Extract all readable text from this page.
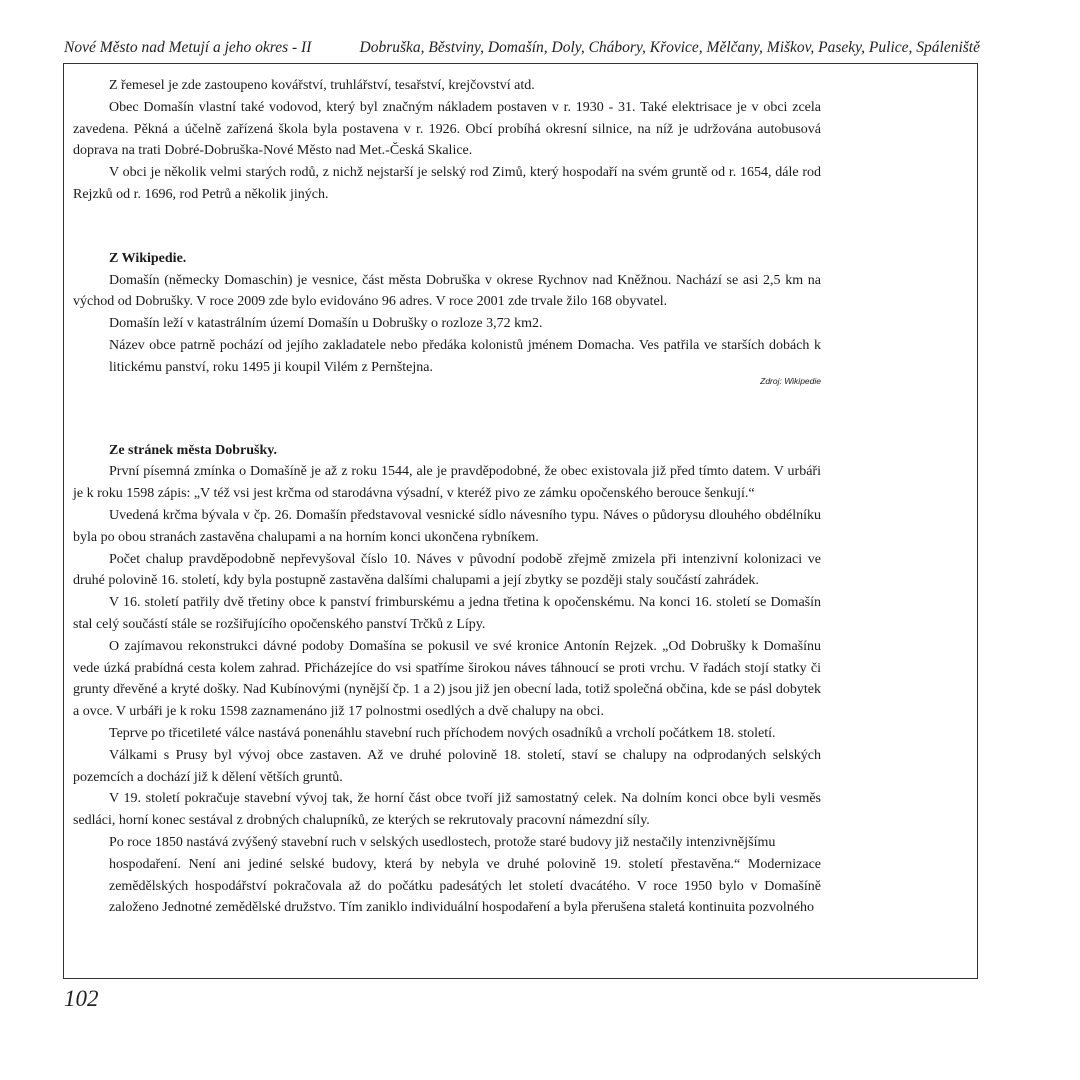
Nové Město nad Metují a jeho okres - II	Dobruška, Běstviny, Domašín, Doly, Chábory, Křovice, Mělčany, Miškov, Paseky, Pulice, Spáleniště

Z řemesel je zde zastoupeno kovářství, truhlářství, tesařství, krejčovství atd.

Obec Domašín vlastní také vodovod, který byl značným nákladem postaven v r. 1930 - 31. Také elektrisace je v obci zcela zavedena. Pěkná a účelně zařízená škola byla postavena v r. 1926. Obcí probíhá okresní silnice, na níž je udržována autobusová doprava na trati Dobré-Dobruška-Nové Město nad Met.-Česká Skalice.

V obci je několik velmi starých rodů, z nichž nejstarší je selský rod Zimů, který hospodaří na svém gruntě od r. 1654, dále rod Rejzků od r. 1696, rod Petrů a několik jiných.

Z Wikipedie.

Domašín (německy Domaschin) je vesnice, část města Dobruška v okrese Rychnov nad Kněžnou. Nachází se asi 2,5 km na východ od Dobrušky. V roce 2009 zde bylo evidováno 96 adres. V roce 2001 zde trvale žilo 168 obyvatel.

Domašín leží v katastrálním území Domašín u Dobrušky o rozloze 3,72 km2.

Název obce patrně pochází od jejího zakladatele nebo předáka kolonistů jménem Domacha. Ves patřila ve starších dobách k litickému panství, roku 1495 ji koupil Vilém z Pernštejna.

Zdroj: Wikipedie

Ze stránek města Dobrušky.

První písemná zmínka o Domašíně je až z roku 1544, ale je pravděpodobné, že obec existovala již před tímto datem. V urbáři je k roku 1598 zápis: „V též vsi jest krčma od starodávna výsadní, v kteréž pivo ze zámku opočenského berouce šenkují.“

Uvedená krčma bývala v čp. 26. Domašín představoval vesnické sídlo návesního typu. Náves o půdorysu dlouhého obdélníku byla po obou stranách zastavěna chalupami a na horním konci ukončena rybníkem.

Počet chalup pravděpodobně nepřevyšoval číslo 10. Náves v původní podobě zřejmě zmizela při intenzivní kolonizaci ve druhé polovině 16. století, kdy byla postupně zastavěna dalšími chalupami a její zbytky se později staly součástí zahrádek.

V 16. století patřily dvě třetiny obce k panství frimburskému a jedna třetina k opočenskému. Na konci 16. století se Domašín stal celý součástí stále se rozšiřujícího opočenského panství Trčků z Lípy.

O zajímavou rekonstrukci dávné podoby Domašína se pokusil ve své kronice Antonín Rejzek. „Od Dobrušky k Domašínu vede úzká prabídná cesta kolem zahrad. Přicházejíce do vsi spatříme širokou náves táhnoucí se proti vrchu. V řadách stojí statky či grunty dřevěné a kryté došky. Nad Kubínovými (nynější čp. 1 a 2) jsou již jen obecní lada, totiž společná občina, kde se pásl dobytek a ovce. V urbáři je k roku 1598 zaznamenáno již 17 polnostmi osedlých a dvě chalupy na obci.

Teprve po třicetileté válce nastává ponenáhlu stavební ruch příchodem nových osadníků a vrcholí počátkem 18. století.

Válkami s Prusy byl vývoj obce zastaven. Až ve druhé polovině 18. století, staví se chalupy na odprodaných selských pozemcích a dochází již k dělení větších gruntů.

V 19. století pokračuje stavební vývoj tak, že horní část obce tvoří již samostatný celek. Na dolním konci obce byli vesměs sedláci, horní konec sestával z drobných chalupníků, ze kterých se rekrutovaly pracovní námezdní síly.

Po roce 1850 nastává zvýšený stavební ruch v selských usedlostech, protože staré budovy již nestačily intenzivnějšímu

hospodaření. Není ani jediné selské budovy, která by nebyla ve druhé polovině 19. století přestavěna.“ Modernizace zemědělských hospodářství pokračovala až do počátku padesátých let století dvacátého. V roce 1950 bylo v Domašíně založeno Jednotné zemědělské družstvo. Tím zaniklo individuální hospodaření a byla přerušena staletá kontinuita pozvolného

102
